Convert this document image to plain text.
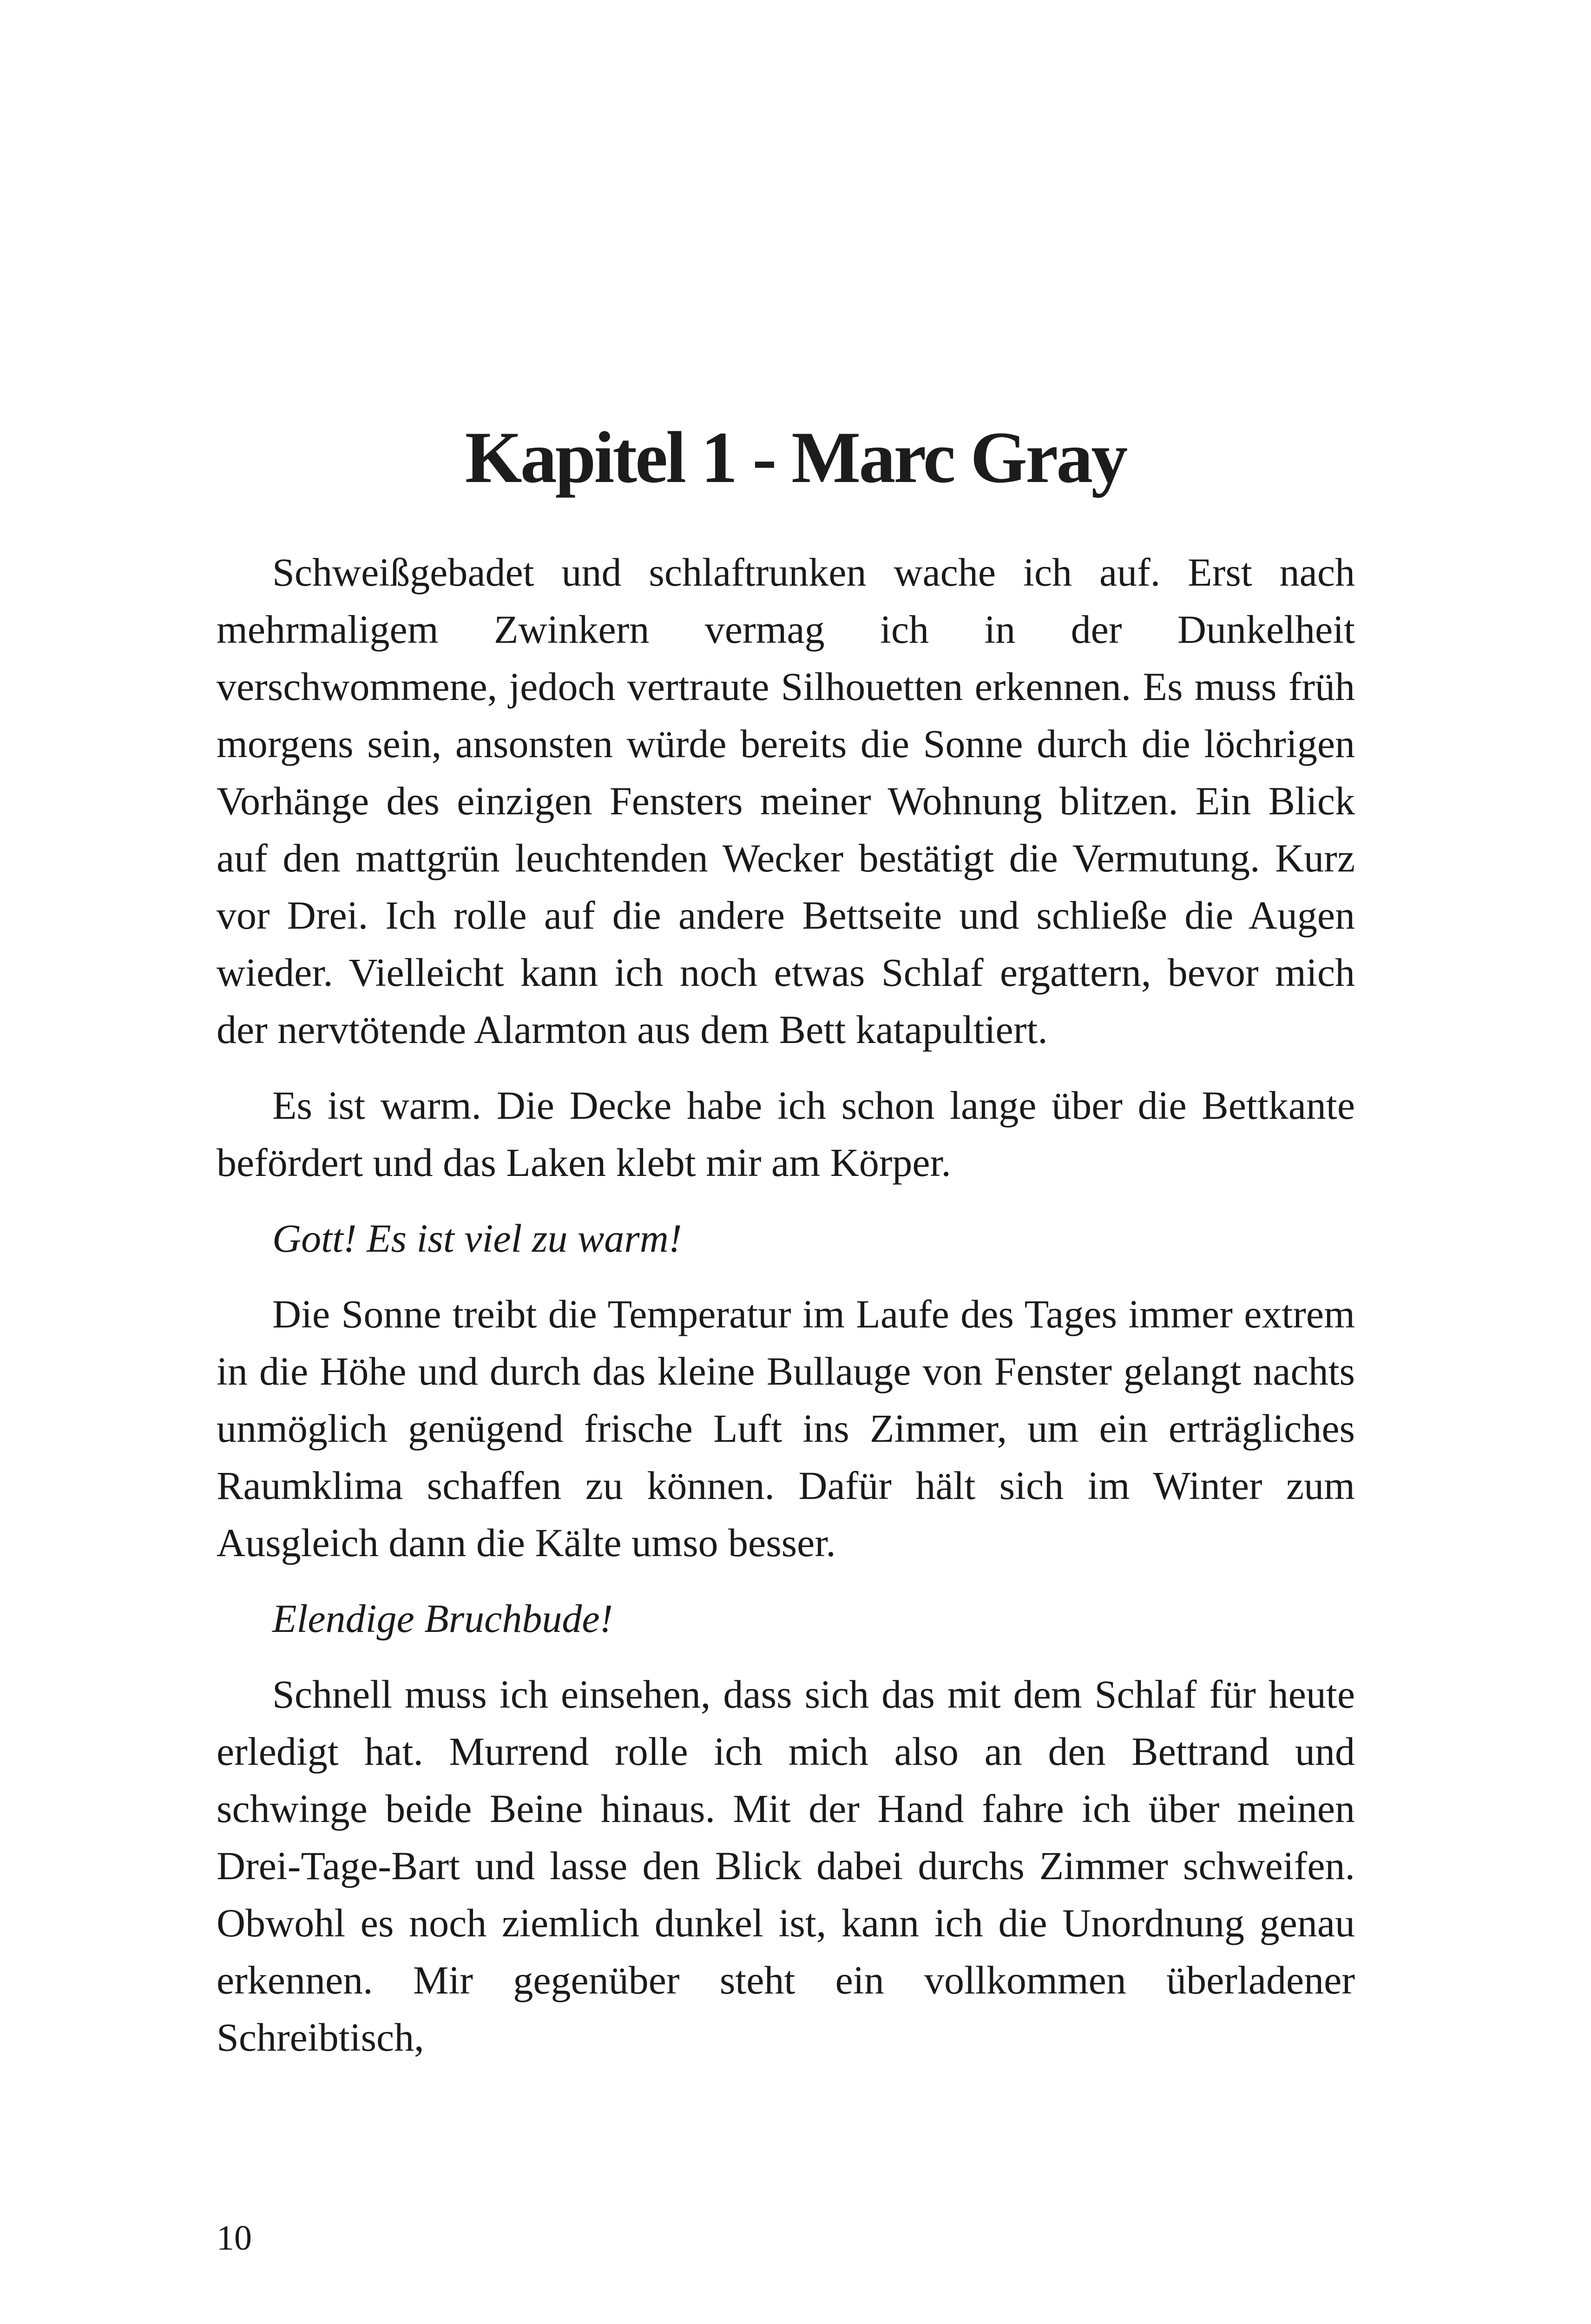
Kapitel 1 - Marc Gray

Schweißgebadet und schlaftrunken wache ich auf. Erst nach mehrmaligem Zwinkern vermag ich in der Dunkelheit verschwommene, jedoch vertraute Silhouetten erkennen. Es muss früh morgens sein, ansonsten würde bereits die Sonne durch die löchrigen Vorhänge des einzigen Fensters meiner Wohnung blitzen. Ein Blick auf den mattgrün leuchtenden Wecker bestätigt die Vermutung. Kurz vor Drei. Ich rolle auf die andere Bettseite und schließe die Augen wieder. Vielleicht kann ich noch etwas Schlaf ergattern, bevor mich der nervtötende Alarmton aus dem Bett katapultiert.

Es ist warm. Die Decke habe ich schon lange über die Bettkante befördert und das Laken klebt mir am Körper.

Gott! Es ist viel zu warm!

Die Sonne treibt die Temperatur im Laufe des Tages immer extrem in die Höhe und durch das kleine Bullauge von Fenster gelangt nachts unmöglich genügend frische Luft ins Zimmer, um ein erträgliches Raumklima schaffen zu können. Dafür hält sich im Winter zum Ausgleich dann die Kälte umso besser.

Elendige Bruchbude!

Schnell muss ich einsehen, dass sich das mit dem Schlaf für heute erledigt hat. Murrend rolle ich mich also an den Bettrand und schwinge beide Beine hinaus. Mit der Hand fahre ich über meinen Drei-Tage-Bart und lasse den Blick dabei durchs Zimmer schweifen. Obwohl es noch ziemlich dunkel ist, kann ich die Unordnung genau erkennen. Mir gegenüber steht ein vollkommen überladener Schreibtisch,

10
